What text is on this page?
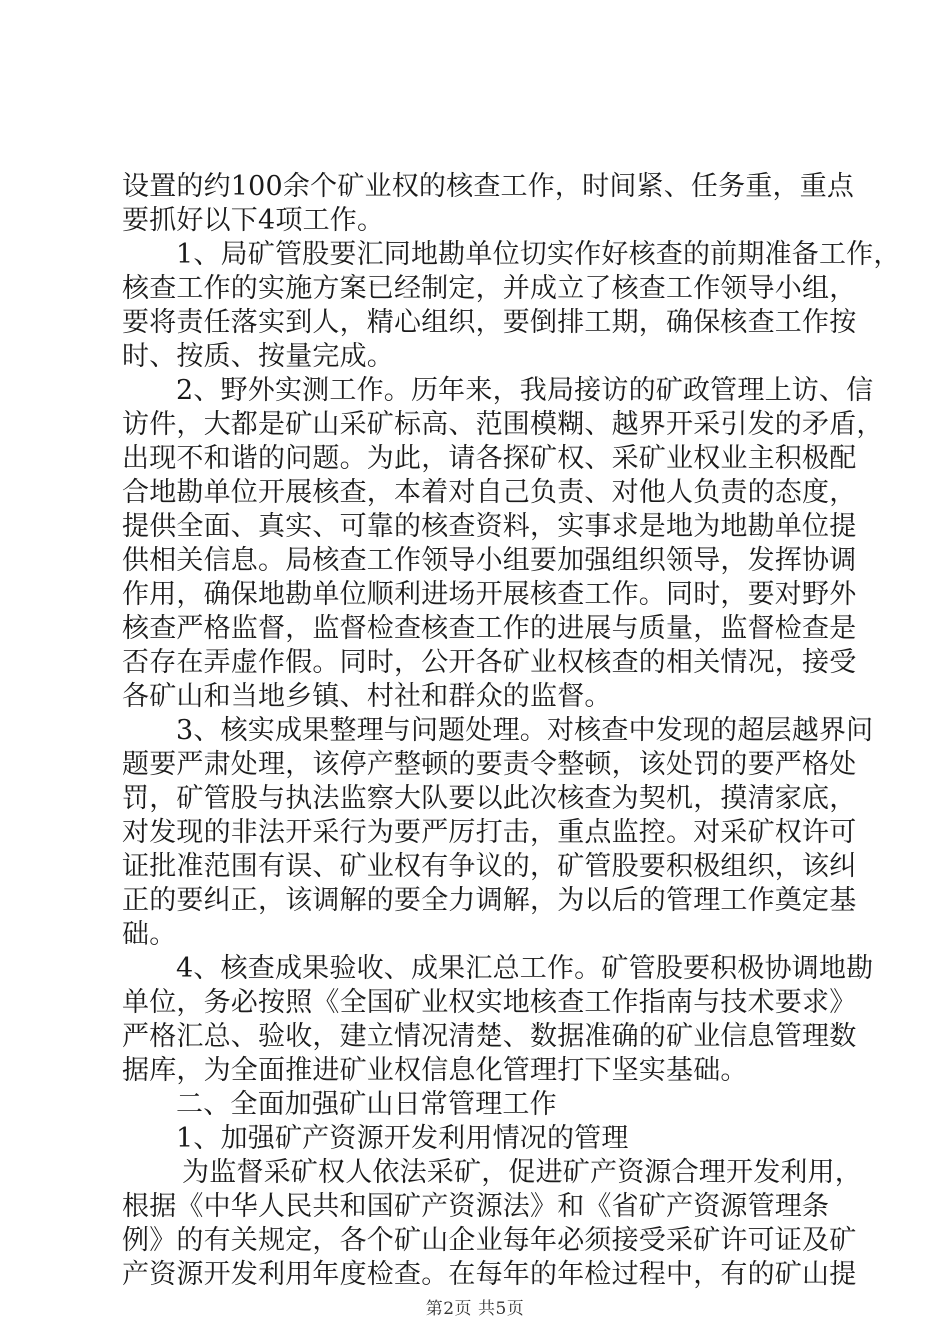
设置的约100余个矿业权的核查工作，时间紧、任务重，重点
要抓好以下4项工作。
1、局矿管股要汇同地勘单位切实作好核查的前期准备工作，
核查工作的实施方案已经制定，并成立了核查工作领导小组，
要将责任落实到人，精心组织，要倒排工期，确保核查工作按
时、按质、按量完成。
2、野外实测工作。历年来，我局接访的矿政管理上访、信
访件，大都是矿山采矿标高、范围模糊、越界开采引发的矛盾，
出现不和谐的问题。为此，请各探矿权、采矿业权业主积极配
合地勘单位开展核查，本着对自己负责、对他人负责的态度，
提供全面、真实、可靠的核查资料，实事求是地为地勘单位提
供相关信息。局核查工作领导小组要加强组织领导，发挥协调
作用，确保地勘单位顺利进场开展核查工作。同时，要对野外
核查严格监督，监督检查核查工作的进展与质量，监督检查是
否存在弄虚作假。同时，公开各矿业权核查的相关情况，接受
各矿山和当地乡镇、村社和群众的监督。
3、核实成果整理与问题处理。对核查中发现的超层越界问
题要严肃处理，该停产整顿的要责令整顿，该处罚的要严格处
罚，矿管股与执法监察大队要以此次核查为契机，摸清家底，
对发现的非法开采行为要严厉打击，重点监控。对采矿权许可
证批准范围有误、矿业权有争议的，矿管股要积极组织，该纠
正的要纠正，该调解的要全力调解，为以后的管理工作奠定基
础。
4、核查成果验收、成果汇总工作。矿管股要积极协调地勘
单位，务必按照《全国矿业权实地核查工作指南与技术要求》
严格汇总、验收，建立情况清楚、数据准确的矿业信息管理数
据库，为全面推进矿业权信息化管理打下坚实基础。
二、全面加强矿山日常管理工作
1、加强矿产资源开发利用情况的管理
为监督采矿权人依法采矿，促进矿产资源合理开发利用，
根据《中华人民共和国矿产资源法》和《省矿产资源管理条
例》的有关规定，各个矿山企业每年必须接受采矿许可证及矿
产资源开发利用年度检查。在每年的年检过程中，有的矿山提
第2页 共5页
